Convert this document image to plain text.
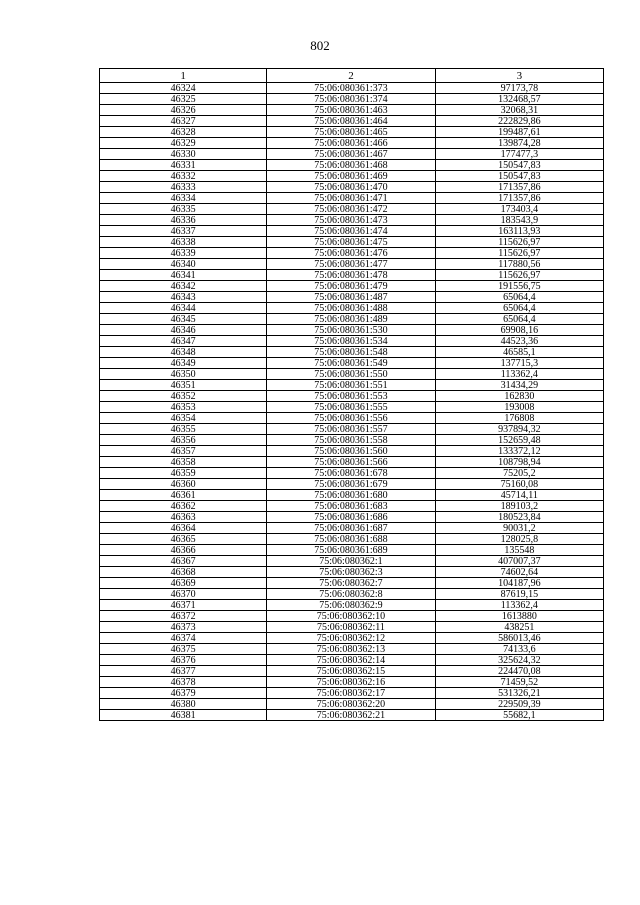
802
1	2	3
46324	75:06:080361:373	97173,78
46325	75:06:080361:374	132468,57
46326	75:06:080361:463	32068,31
46327	75:06:080361:464	222829,86
46328	75:06:080361:465	199487,61
46329	75:06:080361:466	139874,28
46330	75:06:080361:467	177477,3
46331	75:06:080361:468	150547,83
46332	75:06:080361:469	150547,83
46333	75:06:080361:470	171357,86
46334	75:06:080361:471	171357,86
46335	75:06:080361:472	173403,4
46336	75:06:080361:473	183543,9
46337	75:06:080361:474	163113,93
46338	75:06:080361:475	115626,97
46339	75:06:080361:476	115626,97
46340	75:06:080361:477	117880,56
46341	75:06:080361:478	115626,97
46342	75:06:080361:479	191556,75
46343	75:06:080361:487	65064,4
46344	75:06:080361:488	65064,4
46345	75:06:080361:489	65064,4
46346	75:06:080361:530	69908,16
46347	75:06:080361:534	44523,36
46348	75:06:080361:548	46585,1
46349	75:06:080361:549	137715,3
46350	75:06:080361:550	113362,4
46351	75:06:080361:551	31434,29
46352	75:06:080361:553	162830
46353	75:06:080361:555	193008
46354	75:06:080361:556	176808
46355	75:06:080361:557	937894,32
46356	75:06:080361:558	152659,48
46357	75:06:080361:560	133372,12
46358	75:06:080361:566	108798,94
46359	75:06:080361:678	75205,2
46360	75:06:080361:679	75160,08
46361	75:06:080361:680	45714,11
46362	75:06:080361:683	189103,2
46363	75:06:080361:686	180523,84
46364	75:06:080361:687	90031,2
46365	75:06:080361:688	128025,8
46366	75:06:080361:689	135548
46367	75:06:080362:1	407007,37
46368	75:06:080362:3	74602,64
46369	75:06:080362:7	104187,96
46370	75:06:080362:8	87619,15
46371	75:06:080362:9	113362,4
46372	75:06:080362:10	1613880
46373	75:06:080362:11	438251
46374	75:06:080362:12	586013,46
46375	75:06:080362:13	74133,6
46376	75:06:080362:14	325624,32
46377	75:06:080362:15	224470,08
46378	75:06:080362:16	71459,52
46379	75:06:080362:17	531326,21
46380	75:06:080362:20	229509,39
46381	75:06:080362:21	55682,1
